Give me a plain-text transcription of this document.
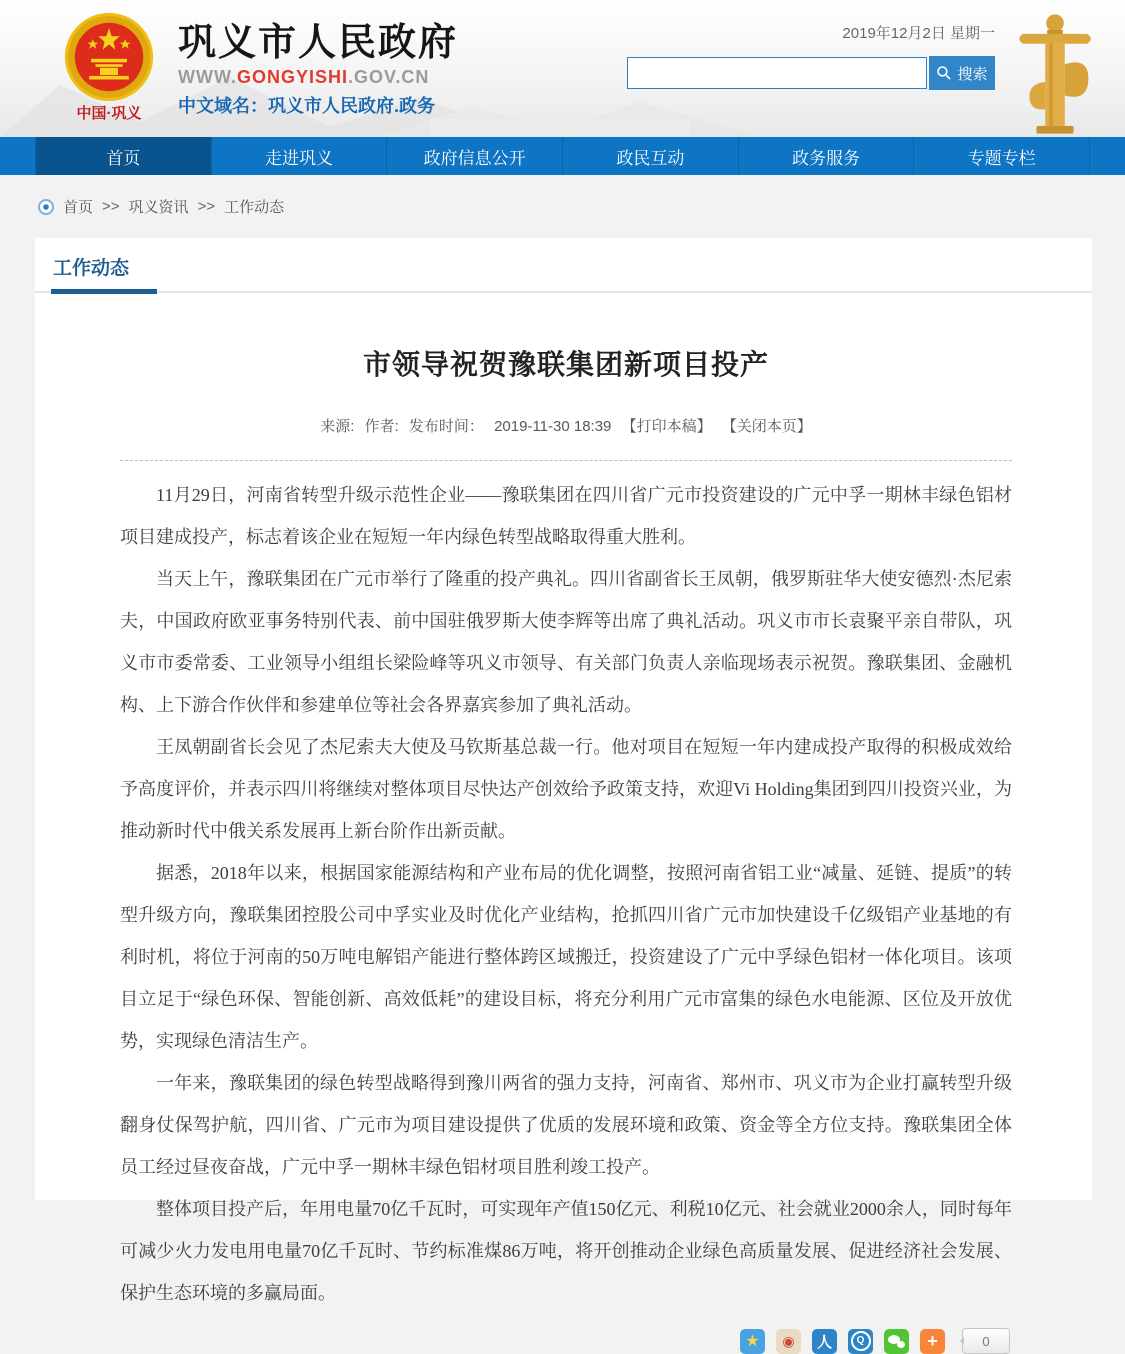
中国·巩义
巩义市人民政府
WWW.GONGYISHI.GOV.CN
中文域名：巩义市人民政府.政务
2019年12月2日 星期一
搜索
首页	走进巩义	政府信息公开	政民互动	政务服务	专题专栏
首页 >> 巩义资讯 >> 工作动态
工作动态
市领导祝贺豫联集团新项目投产
来源: 作者: 发布时间： 2019-11-30 18:39 【打印本稿】 【关闭本页】

11月29日，河南省转型升级示范性企业——豫联集团在四川省广元市投资建设的广元中孚一期林丰绿色铝材项目建成投产，标志着该企业在短短一年内绿色转型战略取得重大胜利。

当天上午，豫联集团在广元市举行了隆重的投产典礼。四川省副省长王凤朝，俄罗斯驻华大使安德烈·杰尼索夫，中国政府欧亚事务特别代表、前中国驻俄罗斯大使李辉等出席了典礼活动。巩义市市长袁聚平亲自带队，巩义市市委常委、工业领导小组组长梁险峰等巩义市领导、有关部门负责人亲临现场表示祝贺。豫联集团、金融机构、上下游合作伙伴和参建单位等社会各界嘉宾参加了典礼活动。

王凤朝副省长会见了杰尼索夫大使及马钦斯基总裁一行。他对项目在短短一年内建成投产取得的积极成效给予高度评价，并表示四川将继续对整体项目尽快达产创效给予政策支持，欢迎Vi Holding集团到四川投资兴业，为推动新时代中俄关系发展再上新台阶作出新贡献。

据悉，2018年以来，根据国家能源结构和产业布局的优化调整，按照河南省铝工业“减量、延链、提质”的转型升级方向，豫联集团控股公司中孚实业及时优化产业结构，抢抓四川省广元市加快建设千亿级铝产业基地的有利时机，将位于河南的50万吨电解铝产能进行整体跨区域搬迁，投资建设了广元中孚绿色铝材一体化项目。该项目立足于“绿色环保、智能创新、高效低耗”的建设目标，将充分利用广元市富集的绿色水电能源、区位及开放优势，实现绿色清洁生产。

一年来，豫联集团的绿色转型战略得到豫川两省的强力支持，河南省、郑州市、巩义市为企业打赢转型升级翻身仗保驾护航，四川省、广元市为项目建设提供了优质的发展环境和政策、资金等全方位支持。豫联集团全体员工经过昼夜奋战，广元中孚一期林丰绿色铝材项目胜利竣工投产。

整体项目投产后，年用电量70亿千瓦时，可实现年产值150亿元、利税10亿元、社会就业2000余人，同时每年可减少火力发电用电量70亿千瓦时、节约标准煤86万吨，将开创推动企业绿色高质量发展、促进经济社会发展、保护生态环境的多赢局面。

★	◉	人	Q	+	0
